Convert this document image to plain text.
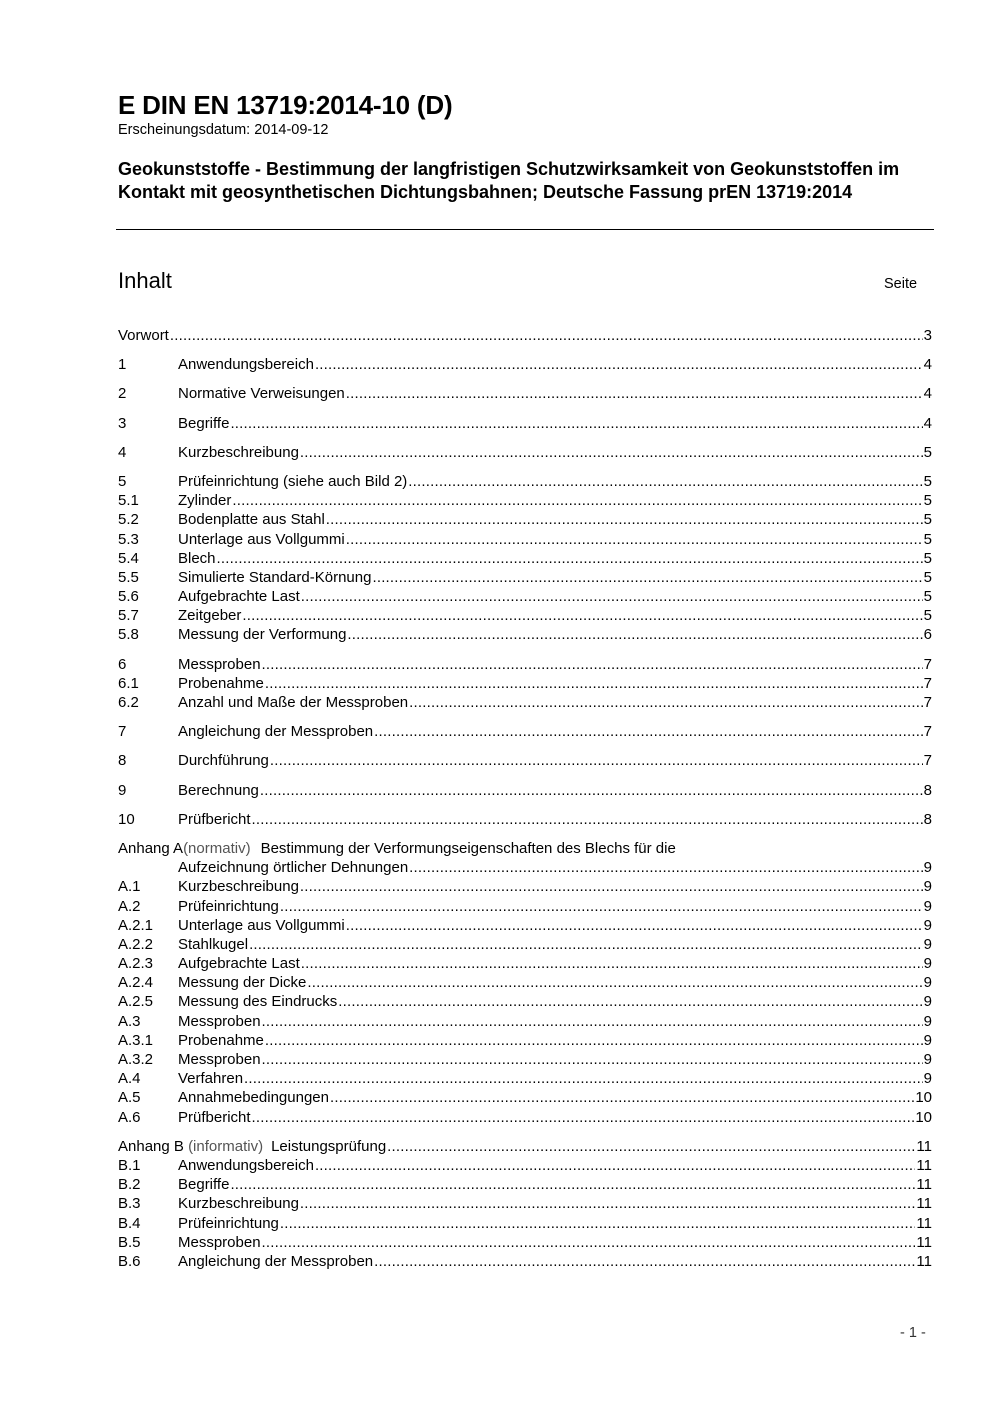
E DIN EN 13719:2014-10 (D)
Erscheinungsdatum: 2014-09-12
Geokunststoffe - Bestimmung der langfristigen Schutzwirksamkeit von Geokunststoffen im Kontakt mit geosynthetischen Dichtungsbahnen; Deutsche Fassung prEN 13719:2014
Inhalt	Seite
Vorwort .....	3
1	Anwendungsbereich .....	4
2	Normative Verweisungen .....	4
3	Begriffe .....	4
4	Kurzbeschreibung .....	5
5	Prüfeinrichtung (siehe auch Bild 2) .....	5
5.1	Zylinder .....	5
5.2	Bodenplatte aus Stahl .....	5
5.3	Unterlage aus Vollgummi .....	5
5.4	Blech .....	5
5.5	Simulierte Standard-Körnung .....	5
5.6	Aufgebrachte Last .....	5
5.7	Zeitgeber .....	5
5.8	Messung der Verformung .....	6
6	Messproben .....	7
6.1	Probenahme .....	7
6.2	Anzahl und Maße der Messproben .....	7
7	Angleichung der Messproben .....	7
8	Durchführung .....	7
9	Berechnung .....	8
10	Prüfbericht .....	8
Anhang A (normativ) Bestimmung der Verformungseigenschaften des Blechs für die
Aufzeichnung örtlicher Dehnungen .....	9
A.1	Kurzbeschreibung .....	9
A.2	Prüfeinrichtung .....	9
A.2.1	Unterlage aus Vollgummi .....	9
A.2.2	Stahlkugel .....	9
A.2.3	Aufgebrachte Last .....	9
A.2.4	Messung der Dicke .....	9
A.2.5	Messung des Eindrucks .....	9
A.3	Messproben .....	9
A.3.1	Probenahme .....	9
A.3.2	Messproben .....	9
A.4	Verfahren .....	9
A.5	Annahmebedingungen .....	10
A.6	Prüfbericht .....	10
Anhang B (informativ) Leistungsprüfung .....	11
B.1	Anwendungsbereich .....	11
B.2	Begriffe .....	11
B.3	Kurzbeschreibung .....	11
B.4	Prüfeinrichtung .....	11
B.5	Messproben .....	11
B.6	Angleichung der Messproben .....	11
- 1 -
